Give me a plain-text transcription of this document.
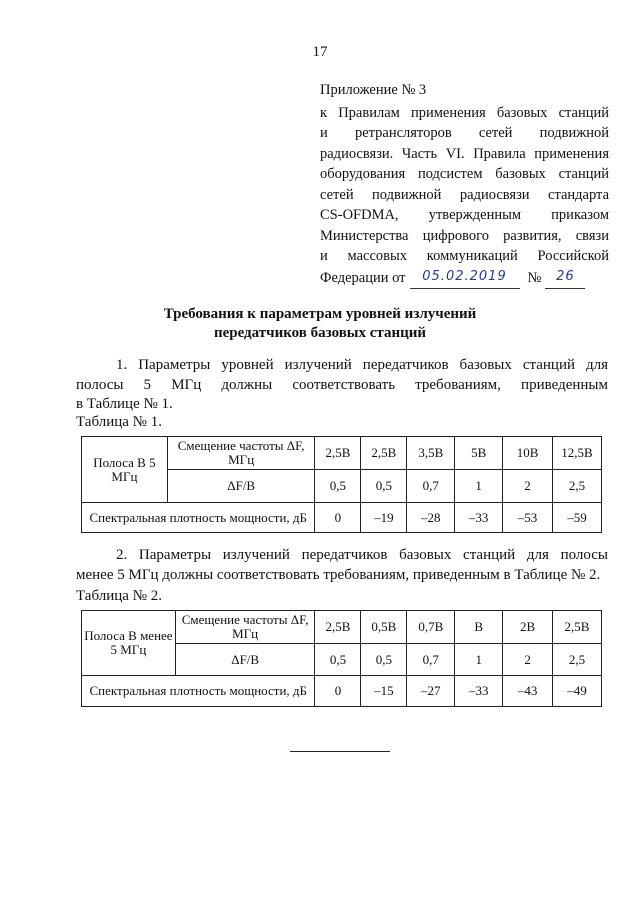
17
Приложение № 3
к Правилам применения базовых станций
и ретрансляторов сетей подвижной
радиосвязи. Часть VI. Правила применения
оборудования подсистем базовых станций
сетей подвижной радиосвязи стандарта
CS-OFDMA, утвержденным приказом
Министерства цифрового развития, связи
и массовых коммуникаций Российской
Федерации от	05.02.2019	№	26
Требования к параметрам уровней излучений
передатчиков базовых станций
1. Параметры уровней излучений передатчиков базовых станций для
полосы 5 МГц должны соответствовать требованиям, приведенным
в Таблице № 1.
Таблица № 1.
Полоса В 5 МГц	Смещение частоты ΔF, МГц	2,5В	2,5В	3,5В	5В	10В	12,5В
	ΔF/B	0,5	0,5	0,7	1	2	2,5
Спектральная плотность мощности, дБ		0	–19	–28	–33	–53	–59
2. Параметры излучений передатчиков базовых станций для полосы
менее 5 МГц должны соответствовать требованиям, приведенным в Таблице № 2.
Таблица № 2.
Полоса В менее 5 МГц	Смещение частоты ΔF, МГц	2,5В	0,5В	0,7В	В	2В	2,5В
	ΔF/B	0,5	0,5	0,7	1	2	2,5
Спектральная плотность мощности, дБ		0	–15	–27	–33	–43	–49
